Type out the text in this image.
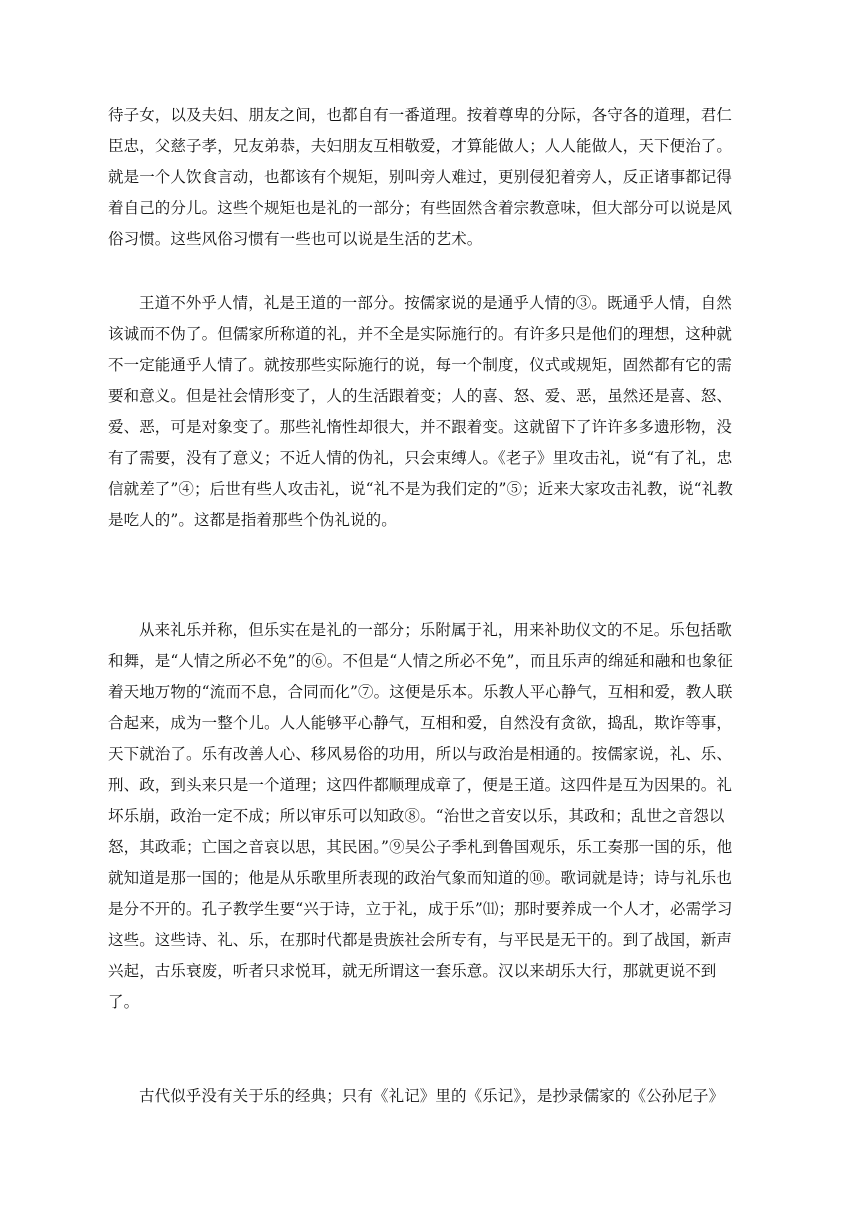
待子女，以及夫妇、朋友之间，也都自有一番道理。按着尊卑的分际，各守各的道理，君仁臣忠，父慈子孝，兄友弟恭，夫妇朋友互相敬爱，才算能做人；人人能做人，天下便治了。就是一个人饮食言动，也都该有个规矩，别叫旁人难过，更别侵犯着旁人，反正诸事都记得着自己的分儿。这些个规矩也是礼的一部分；有些固然含着宗教意味，但大部分可以说是风俗习惯。这些风俗习惯有一些也可以说是生活的艺术。

王道不外乎人情，礼是王道的一部分。按儒家说的是通乎人情的③。既通乎人情，自然该诚而不伪了。但儒家所称道的礼，并不全是实际施行的。有许多只是他们的理想，这种就不一定能通乎人情了。就按那些实际施行的说，每一个制度，仪式或规矩，固然都有它的需要和意义。但是社会情形变了，人的生活跟着变；人的喜、怒、爱、恶，虽然还是喜、怒、爱、恶，可是对象变了。那些礼惰性却很大，并不跟着变。这就留下了许许多多遗形物，没有了需要，没有了意义；不近人情的伪礼，只会束缚人。《老子》里攻击礼，说“有了礼，忠信就差了”④；后世有些人攻击礼，说“礼不是为我们定的”⑤；近来大家攻击礼教，说“礼教是吃人的”。这都是指着那些个伪礼说的。

从来礼乐并称，但乐实在是礼的一部分；乐附属于礼，用来补助仪文的不足。乐包括歌和舞，是“人情之所必不免”的⑥。不但是“人情之所必不免”，而且乐声的绵延和融和也象征着天地万物的“流而不息，合同而化”⑦。这便是乐本。乐教人平心静气，互相和爱，教人联合起来，成为一整个儿。人人能够平心静气，互相和爱，自然没有贪欲，捣乱，欺诈等事，天下就治了。乐有改善人心、移风易俗的功用，所以与政治是相通的。按儒家说，礼、乐、刑、政，到头来只是一个道理；这四件都顺理成章了，便是王道。这四件是互为因果的。礼坏乐崩，政治一定不成；所以审乐可以知政⑧。“治世之音安以乐，其政和；乱世之音怨以怒，其政乖；亡国之音哀以思，其民困。”⑨吴公子季札到鲁国观乐，乐工奏那一国的乐，他就知道是那一国的；他是从乐歌里所表现的政治气象而知道的⑩。歌词就是诗；诗与礼乐也是分不开的。孔子教学生要“兴于诗，立于礼，成于乐”⑾；那时要养成一个人才，必需学习这些。这些诗、礼、乐，在那时代都是贵族社会所专有，与平民是无干的。到了战国，新声兴起，古乐衰废，听者只求悦耳，就无所谓这一套乐意。汉以来胡乐大行，那就更说不到了。

古代似乎没有关于乐的经典；只有《礼记》里的《乐记》，是抄录儒家的《公孙尼子》
